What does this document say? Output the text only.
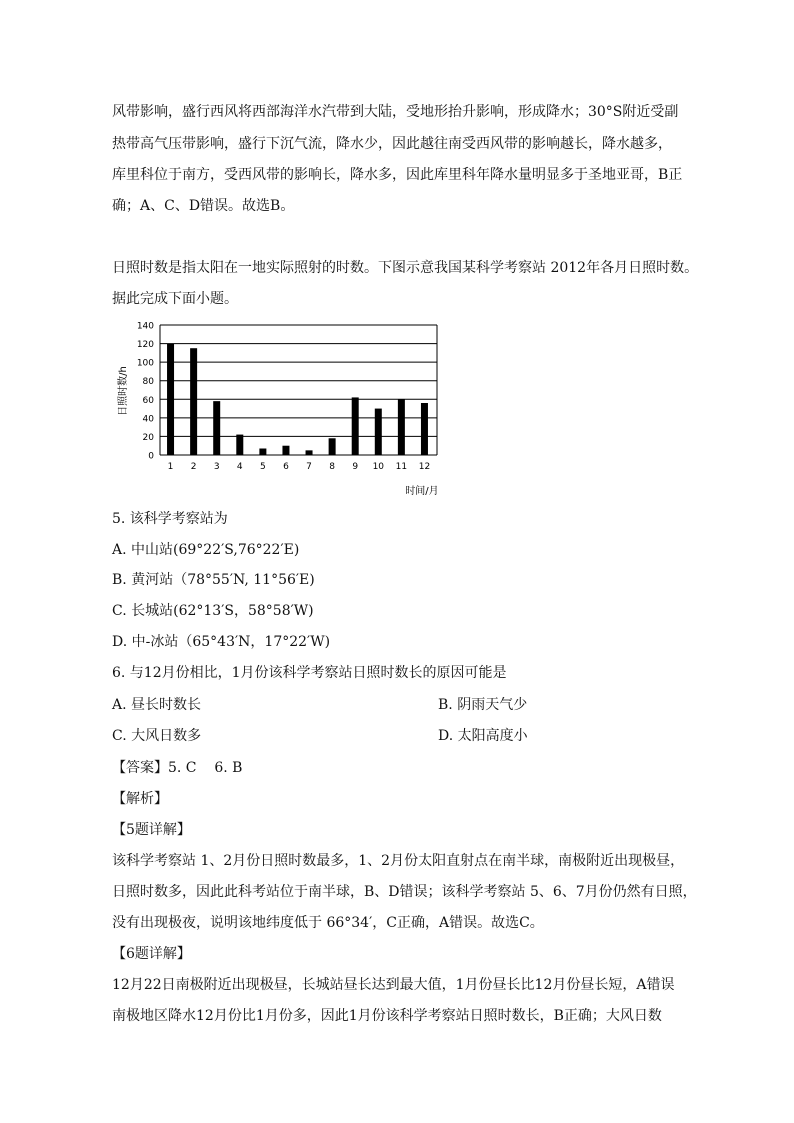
风带影响，盛行西风将西部海洋水汽带到大陆，受地形抬升影响，形成降水；30°S附近受副
热带高气压带影响，盛行下沉气流，降水少，因此越往南受西风带的影响越长，降水越多，
库里科位于南方，受西风带的影响长，降水多，因此库里科年降水量明显多于圣地亚哥，B正
确；A、C、D错误。故选B。
日照时数是指太阳在一地实际照射的时数。下图示意我国某科学考察站 2012年各月日照时数。
据此完成下面小题。
0
20
40
60
80
100
120
140
1 2 3 4 5 6 7 8 9 10 11 12
日照时数/h
时间/月
5. 该科学考察站为
A. 中山站(69°22′S,76°22′E)
B. 黄河站（78°55′N, 11°56′E)
C. 长城站(62°13′S，58°58′W)
D. 中-冰站（65°43′N，17°22′W)
6. 与12月份相比，1月份该科学考察站日照时数长的原因可能是
A. 昼长时数长	B. 阴雨天气少
C. 大风日数多	D. 太阳高度小
【答案】5. C    6. B
【解析】
【5题详解】
该科学考察站 1、2月份日照时数最多，1、2月份太阳直射点在南半球，南极附近出现极昼，
日照时数多，因此此科考站位于南半球，B、D错误；该科学考察站 5、6、7月份仍然有日照，
没有出现极夜，说明该地纬度低于 66°34′，C正确，A错误。故选C。
【6题详解】
12月22日南极附近出现极昼，长城站昼长达到最大值，1月份昼长比12月份昼长短，A错误
南极地区降水12月份比1月份多，因此1月份该科学考察站日照时数长，B正确；大风日数
